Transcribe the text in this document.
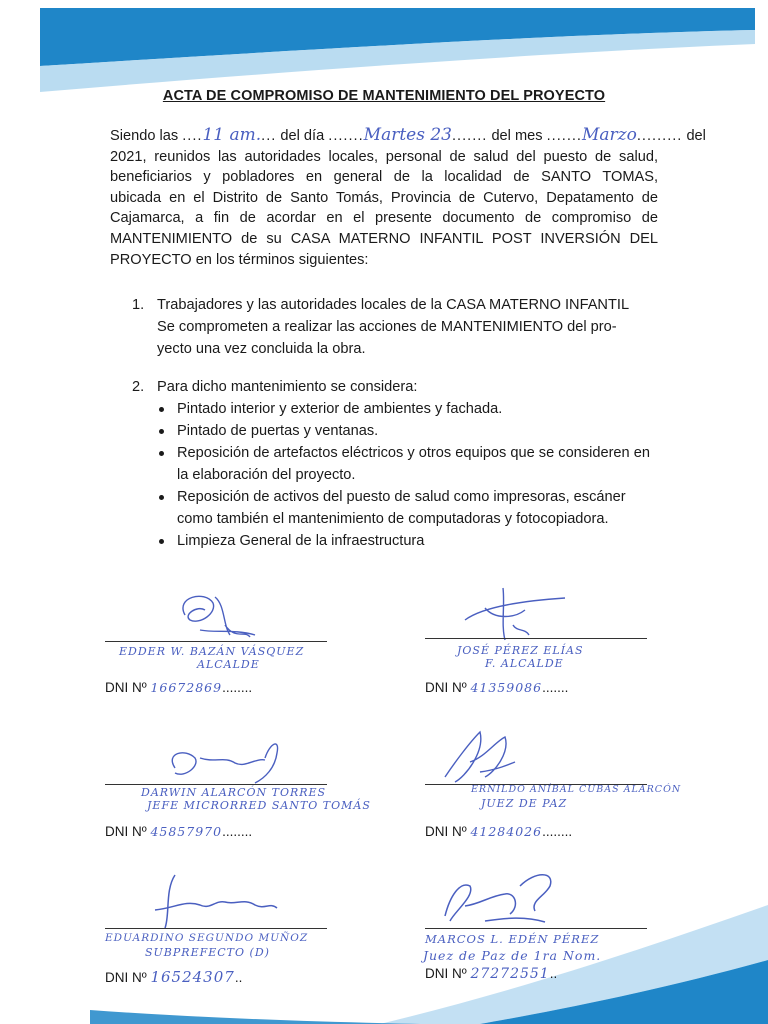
ACTA DE COMPROMISO DE MANTENIMIENTO DEL PROYECTO
Siendo las ....11 am.... del día .......Martes 23....... del mes .......Marzo......... del
2021, reunidos las autoridades locales, personal de salud del puesto de salud,
beneficiarios y pobladores en general de la localidad de SANTO TOMAS,
ubicada en el Distrito de Santo Tomás, Provincia de Cutervo, Depatamento de
Cajamarca, a fin de acordar en el presente documento de compromiso de
MANTENIMIENTO de su CASA MATERNO INFANTIL POST INVERSIÓN DEL
PROYECTO en los términos siguientes:
1. Trabajadores y las autoridades locales de la CASA MATERNO INFANTIL
Se comprometen a realizar las acciones de MANTENIMIENTO del pro-
yecto una vez concluida la obra.
2. Para dicho mantenimiento se considera:
Pintado interior y exterior de ambientes y fachada.
Pintado de puertas y ventanas.
Reposición de artefactos eléctricos y otros equipos que se consideren en la elaboración del proyecto.
Reposición de activos del puesto de salud como impresoras, escáner como también el mantenimiento de computadoras y fotocopiadora.
Limpieza General de la infraestructura
EDDER W. BAZÁN VÁSQUEZ
ALCALDE
DNI Nº 16672869........
JOSÉ PÉREZ ELÍAS
F. ALCALDE
DNI Nº 41359086.......
DARWIN ALARCÓN TORRES
JEFE MICRORRED SANTO TOMÁS
DNI Nº 45857970........
ERNILDO ANÍBAL CUBAS ALARCÓN
JUEZ DE PAZ
DNI Nº 41284026........
EDUARDINO SEGUNDO MUÑOZ
SUBPREFECTO (D)
DNI Nº 16524307..
MARCOS L. EDÉN PÉREZ
Juez de Paz de 1ra Nom.
DNI Nº 27272551..
